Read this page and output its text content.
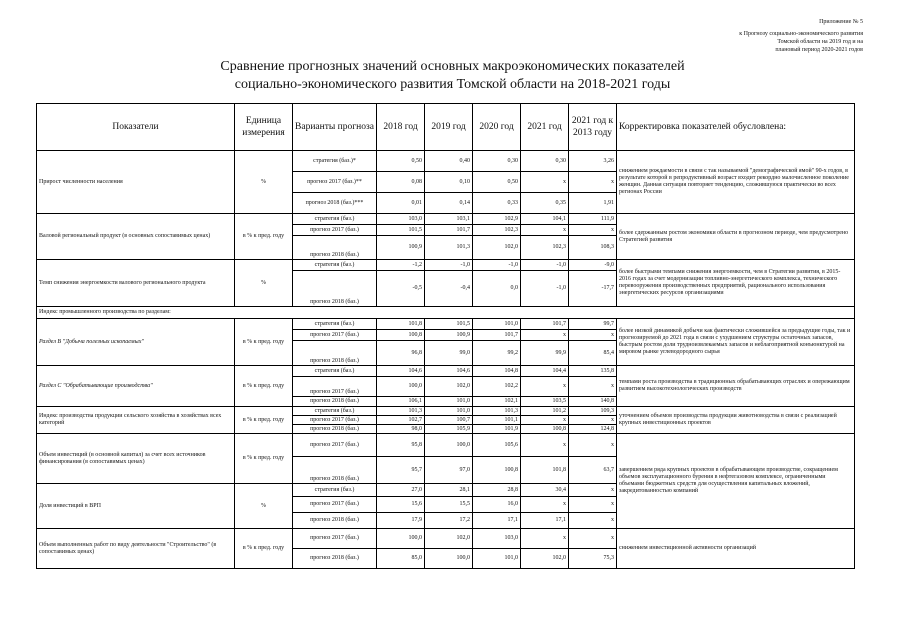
Приложение № 5
к Прогнозу социально-экономического развития
Томской области на 2019 год и на
плановый период 2020-2021 годов
Сравнение прогнозных значений основных макроэкономических показателей
социально-экономического развития Томской области на 2018-2021 годы
Показатели	Единица измерения	Варианты прогноза	2018 год	2019 год	2020 год	2021 год	2021 год к 2013 году	Корректировка показателей обусловлена:
Прирост численности населения	%	стратегия (баз.)*	0,50	0,40	0,30	0,30	3,26	снижением рождаемости в связи с так называемой "демографической ямой" 90-х годов, в результате которой в репродуктивный возраст входит рекордно малочисленное поколение женщин. Данная ситуация повторяет тенденцию, сложившуюся практически во всех регионах России
		прогноз 2017 (баз.)**	0,08	0,10	0,50	x	x	
		прогноз 2018 (баз.)***	0,01	0,14	0,33	0,35	1,91	
Валовой региональный продукт (в основных сопоставимых ценах)	в % к пред. году	стратегия (баз.)	103,0	103,1	102,9	104,1	111,9	более сдержанным ростом экономики области в прогнозном периоде, чем предусмотрено Стратегией развития
		прогноз 2017 (баз.)	101,5	101,7	102,3	x	x	
		прогноз 2018 (баз.)	100,9	101,3	102,0	102,3	108,3	
Темп снижения энергоемкости валового регионального продукта	%	стратегия (баз.)	-1,2	-1,0	-1,0	-1,0	-9,0	более быстрыми темпами снижения энергоемкости, чем в Стратегии развития, в 2015-2016 годах за счет модернизации топливно-энергетического комплекса, технического перевооружения производственных предприятий, рационального использования энергетических ресурсов организациями
		прогноз 2018 (баз.)	-0,5	-0,4	0,0	-1,0	-17,7	
Индекс промышленного производства по разделам:								
Раздел B "Добыча полезных ископаемых"	в % к пред. году	стратегия (баз.)	101,8	101,5	101,0	101,7	99,7	более низкой динамикой добычи как фактически сложившейся за предыдущие годы, так и прогнозируемой до 2021 года в связи с ухудшением структуры остаточных запасов, быстрым ростом доли трудноизвлекаемых запасов и неблагоприятной конъюнктурой на мировом рынке углеводородного сырья
		прогноз 2017 (баз.)	100,8	100,9	101,7	x	x	
		прогноз 2018 (баз.)	96,8	99,0	99,2	99,9	85,4	
Раздел C "Обрабатывающие производства"	в % к пред. году	стратегия (баз.)	104,6	104,6	104,8	104,4	135,8	темпами роста производства в традиционных обрабатывающих отраслях и опережающим развитием высокотехнологических производств
		прогноз 2017 (баз.)	100,0	102,0	102,2	x	x	
		прогноз 2018 (баз.)	106,1	101,0	102,1	103,5	140,8	
Индекс производства продукции сельского хозяйства в хозяйствах всех категорий	в % к пред. году	стратегия (баз.)	101,3	101,0	101,3	101,2	109,3	уточнением объемов производства продукции животноводства в связи с реализацией крупных инвестиционных проектов
		прогноз 2017 (баз.)	102,7	100,7	101,1	x	x	
		прогноз 2018 (баз.)	98,0	105,9	101,9	100,8	124,8	
Объем инвестиций (в основной капитал) за счет всех источников финансирования (в сопоставимых ценах)	в % к пред. году	прогноз 2017 (баз.)	95,8	100,0	105,6	x	x	завершением ряда крупных проектов в обрабатывающем производстве, сокращением объемов эксплуатационного бурения в нефтегазовом комплексе, ограниченными объемами бюджетных средств для осуществления капитальных вложений, закредитованностью компаний
		прогноз 2018 (баз.)	95,7	97,0	100,8	101,8	63,7	
Доля инвестиций в ВРП	%	стратегия (баз.)	27,0	28,1	28,8	30,4	x	
		прогноз 2017 (баз.)	15,6	15,5	16,0	x	x	
		прогноз 2018 (баз.)	17,9	17,2	17,1	17,1	x	
Объем выполненных работ по виду деятельности "Строительство" (в сопоставимых ценах)	в % к пред. году	прогноз 2017 (баз.)	100,0	102,0	103,0	x	x	снижением инвестиционной активности организаций
		прогноз 2018 (баз.)	85,0	100,0	101,0	102,0	75,3	
